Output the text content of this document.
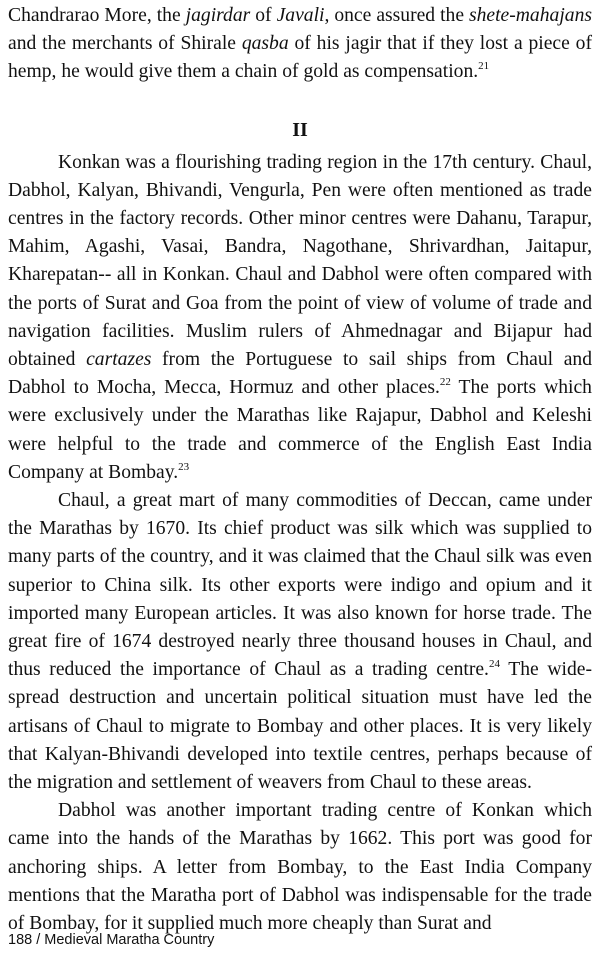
Chandrarao More, the jagirdar of Javali, once assured the shete-mahajans and the merchants of Shirale qasba of his jagir that if they lost a piece of hemp, he would give them a chain of gold as compensation.$^{21}$

II

Konkan was a flourishing trading region in the 17th century. Chaul, Dabhol, Kalyan, Bhivandi, Vengurla, Pen were often mentioned as trade centres in the factory records. Other minor centres were Dahanu, Tarapur, Mahim, Agashi, Vasai, Bandra, Nagothane, Shrivardhan, Jaitapur, Kharepatan-- all in Konkan. Chaul and Dabhol were often compared with the ports of Surat and Goa from the point of view of volume of trade and navigation facilities. Muslim rulers of Ahmednagar and Bijapur had obtained cartazes from the Portuguese to sail ships from Chaul and Dabhol to Mocha, Mecca, Hormuz and other places.$^{22}$ The ports which were exclusively under the Marathas like Rajapur, Dabhol and Keleshi were helpful to the trade and commerce of the English East India Company at Bombay.$^{23}$

Chaul, a great mart of many commodities of Deccan, came under the Marathas by 1670. Its chief product was silk which was supplied to many parts of the country, and it was claimed that the Chaul silk was even superior to China silk. Its other exports were indigo and opium and it imported many European articles. It was also known for horse trade. The great fire of 1674 destroyed nearly three thousand houses in Chaul, and thus reduced the importance of Chaul as a trading centre.$^{24}$ The wide-spread destruction and uncertain political situation must have led the artisans of Chaul to migrate to Bombay and other places. It is very likely that Kalyan-Bhivandi developed into textile centres, perhaps because of the migration and settlement of weavers from Chaul to these areas.

Dabhol was another important trading centre of Konkan which came into the hands of the Marathas by 1662. This port was good for anchoring ships. A letter from Bombay, to the East India Company mentions that the Maratha port of Dabhol was indispensable for the trade of Bombay, for it supplied much more cheaply than Surat and

188 / Medieval Maratha Country
